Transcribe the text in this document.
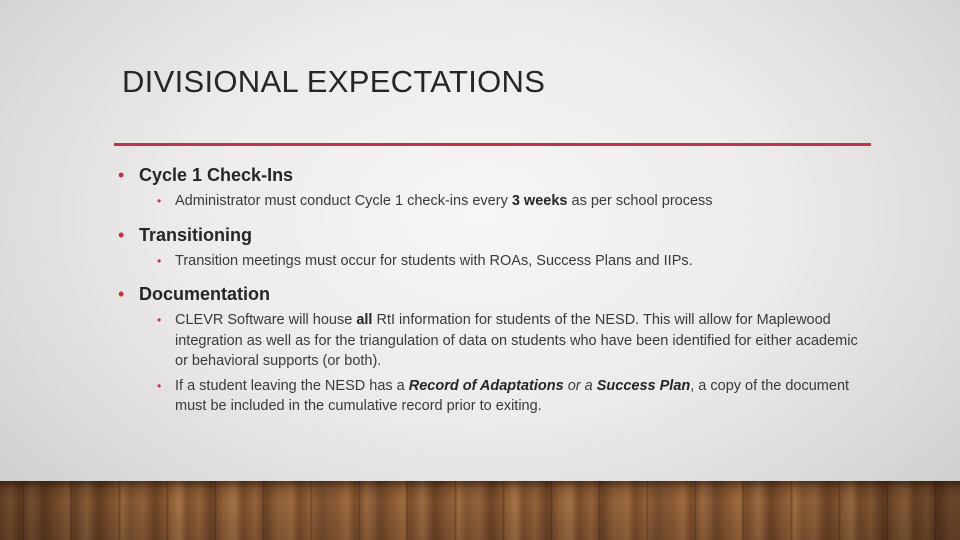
DIVISIONAL EXPECTATIONS
• Cycle 1 Check-Ins
• Administrator must conduct Cycle 1 check-ins every 3 weeks as per school process
• Transitioning
• Transition meetings must occur for students with ROAs, Success Plans and IIPs.
• Documentation
• CLEVR Software will house all RtI information for students of the NESD. This will allow for Maplewood integration as well as for the triangulation of data on students who have been identified for either academic or behavioral supports (or both).
• If a student leaving the NESD has a Record of Adaptations or a Success Plan, a copy of the document must be included in the cumulative record prior to exiting.
